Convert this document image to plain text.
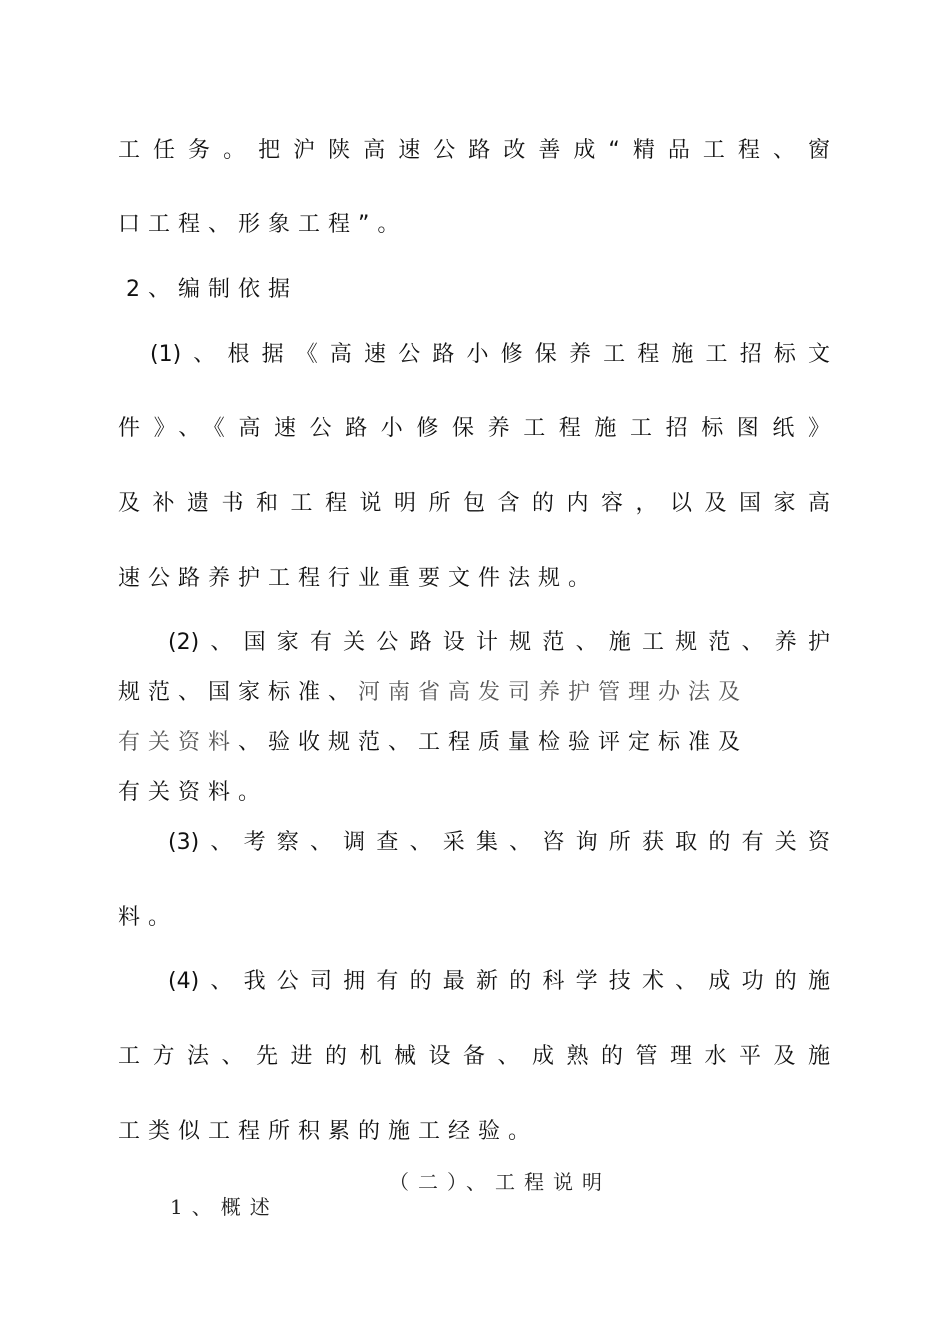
工任务。把沪陕高速公路改善成“精品工程、窗
口工程、形象工程”。
2、编制依据
(1)、根据《高速公路小修保养工程施工招标文
件》、《高速公路小修保养工程施工招标图纸》
及补遗书和工程说明所包含的内容，以及国家高
速公路养护工程行业重要文件法规。
(2)、国家有关公路设计规范、施工规范、养护
规范、国家标准、河南省高发司养护管理办法及
有关资料、验收规范、工程质量检验评定标准及
有关资料。
(3)、考察、调查、采集、咨询所获取的有关资
料。
(4)、我公司拥有的最新的科学技术、成功的施
工方法、先进的机械设备、成熟的管理水平及施
工类似工程所积累的施工经验。
（二）、工程说明
1、概述
